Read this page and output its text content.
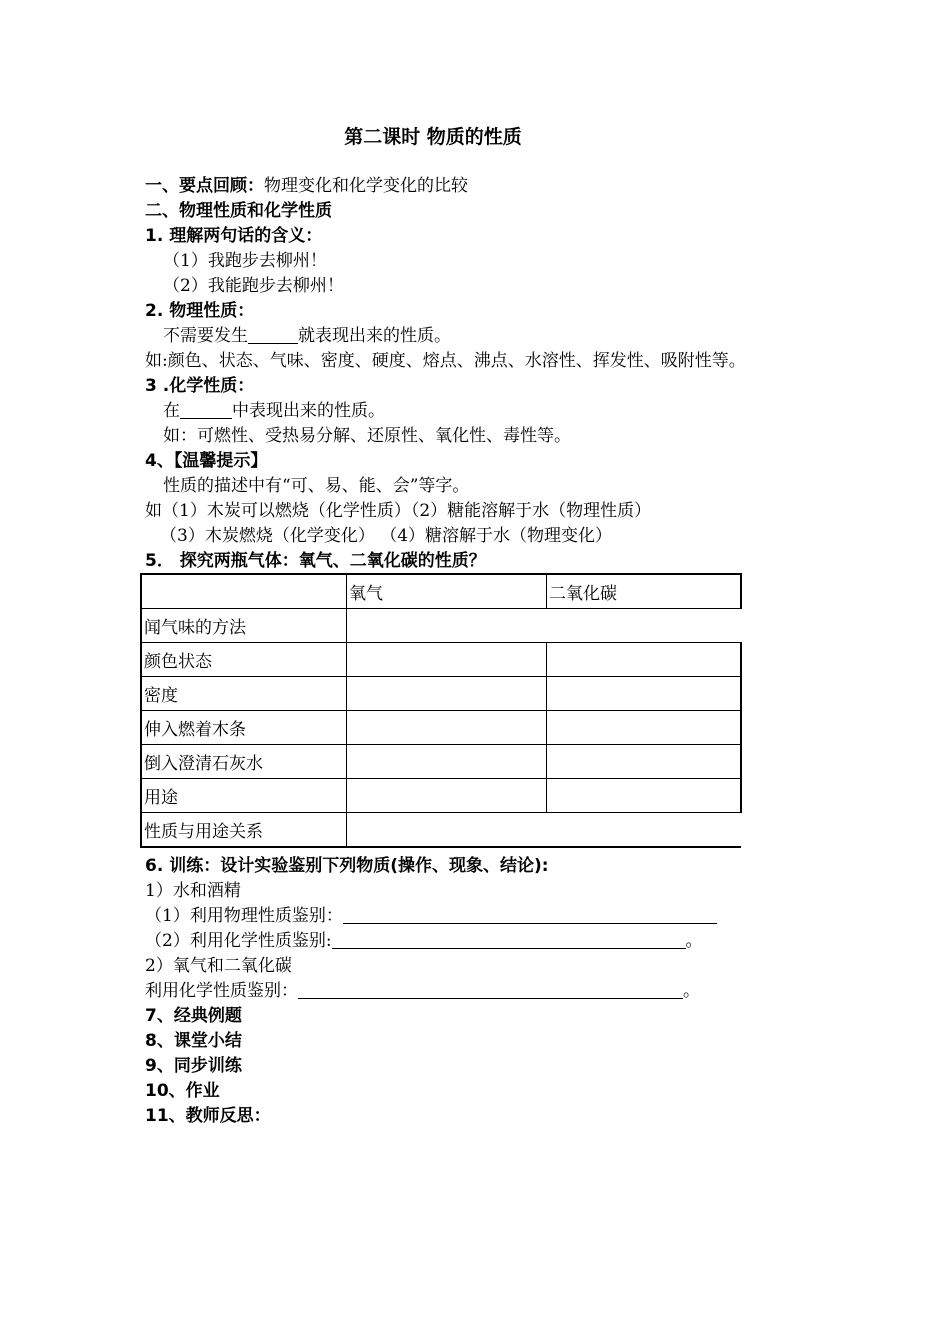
第二课时 物质的性质
一、要点回顾：物理变化和化学变化的比较
二、物理性质和化学性质
1. 理解两句话的含义：
（1）我跑步去柳州！
（2）我能跑步去柳州！
2. 物理性质：
不需要发生	就表现出来的性质。
如:颜色、状态、气味、密度、硬度、熔点、沸点、水溶性、挥发性、吸附性等。
3 .化学性质：
在	中表现出来的性质。
如：可燃性、受热易分解、还原性、氧化性、毒性等。
4、【温馨提示】
性质的描述中有“可、易、能、会”等字。
如（1）木炭可以燃烧（化学性质）（2）糖能溶解于水（物理性质）
（3）木炭燃烧（化学变化） （4）糖溶解于水（物理变化）
5． 探究两瓶气体：氧气、二氧化碳的性质？
	氧气	二氧化碳
闻气味的方法		
颜色状态		
密度		
伸入燃着木条		
倒入澄清石灰水		
用途		
性质与用途关系		
6. 训练：设计实验鉴别下列物质(操作、现象、结论):
1）水和酒精
（1）利用物理性质鉴别：
（2）利用化学性质鉴别:	。
2）氧气和二氧化碳
利用化学性质鉴别：	。
7、经典例题
8、课堂小结
9、同步训练
10、作业
11、教师反思：
